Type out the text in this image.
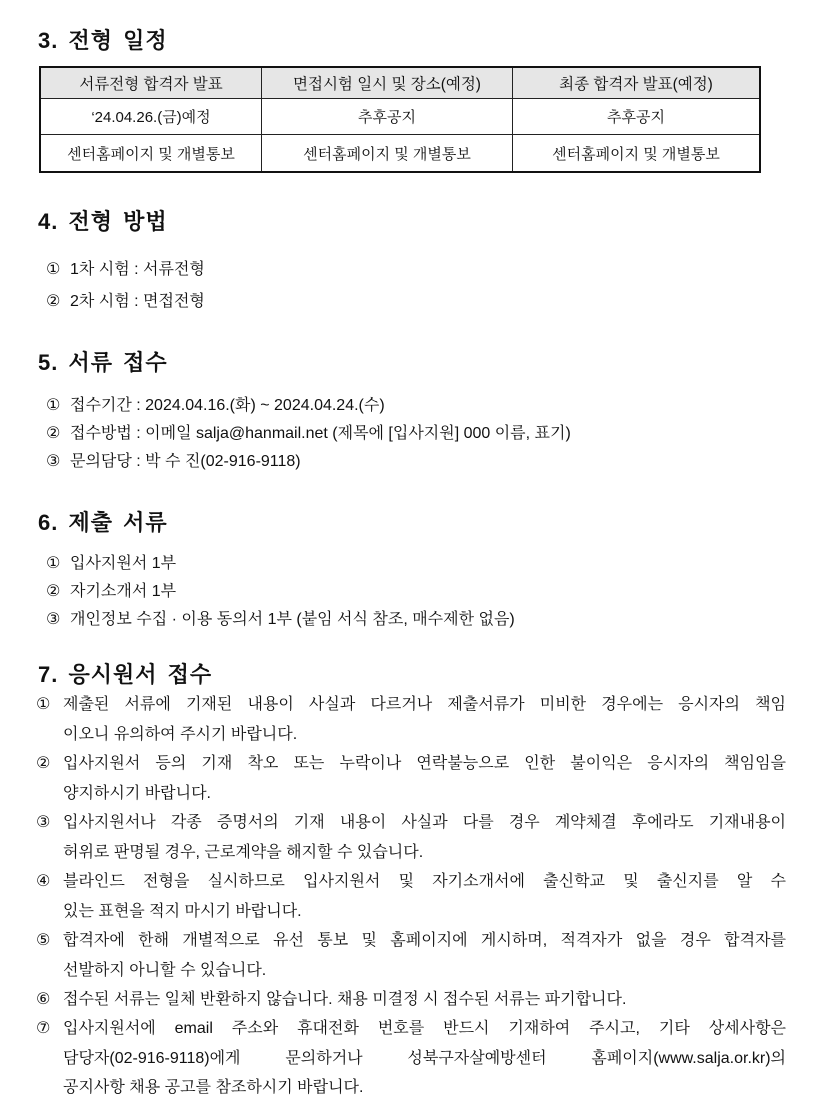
3. 전형 일정
서류전형 합격자 발표	면접시험 일시 및 장소(예정)	최종 합격자 발표(예정)
‘24.04.26.(금)예정	추후공지	추후공지
센터홈페이지 및 개별통보	센터홈페이지 및 개별통보	센터홈페이지 및 개별통보
4. 전형 방법

① 1차 시험 : 서류전형

② 2차 시험 : 면접전형

5. 서류 접수

① 접수기간 : 2024.04.16.(화) ~ 2024.04.24.(수)

② 접수방법 : 이메일 salja@hanmail.net (제목에 [입사지원] 000 이름, 표기)

③ 문의담당 : 박 수 진(02-916-9118)

6. 제출 서류

① 입사지원서 1부

② 자기소개서 1부

③ 개인정보 수집 · 이용 동의서 1부 (붙임 서식 참조, 매수제한 없음)

7. 응시원서 접수
① 제출된 서류에 기재된 내용이 사실과 다르거나 제출서류가 미비한 경우에는 응시자의 책임
이오니 유의하여 주시기 바랍니다.
② 입사지원서 등의 기재 착오 또는 누락이나 연락불능으로 인한 불이익은 응시자의 책임임을
양지하시기 바랍니다.
③ 입사지원서나 각종 증명서의 기재 내용이 사실과 다를 경우 계약체결 후에라도 기재내용이
허위로 판명될 경우, 근로계약을 해지할 수 있습니다.
④ 블라인드 전형을 실시하므로 입사지원서 및 자기소개서에 출신학교 및 출신지를 알 수
있는 표현을 적지 마시기 바랍니다.
⑤ 합격자에 한해 개별적으로 유선 통보 및 홈페이지에 게시하며, 적격자가 없을 경우 합격자를
선발하지 아니할 수 있습니다.
⑥ 접수된 서류는 일체 반환하지 않습니다. 채용 미결정 시 접수된 서류는 파기합니다.
⑦ 입사지원서에 email 주소와 휴대전화 번호를 반드시 기재하여 주시고, 기타 상세사항은
담당자(02-916-9118)에게 문의하거나 성북구자살예방센터 홈페이지(www.salja.or.kr)의
공지사항 채용 공고를 참조하시기 바랍니다.
